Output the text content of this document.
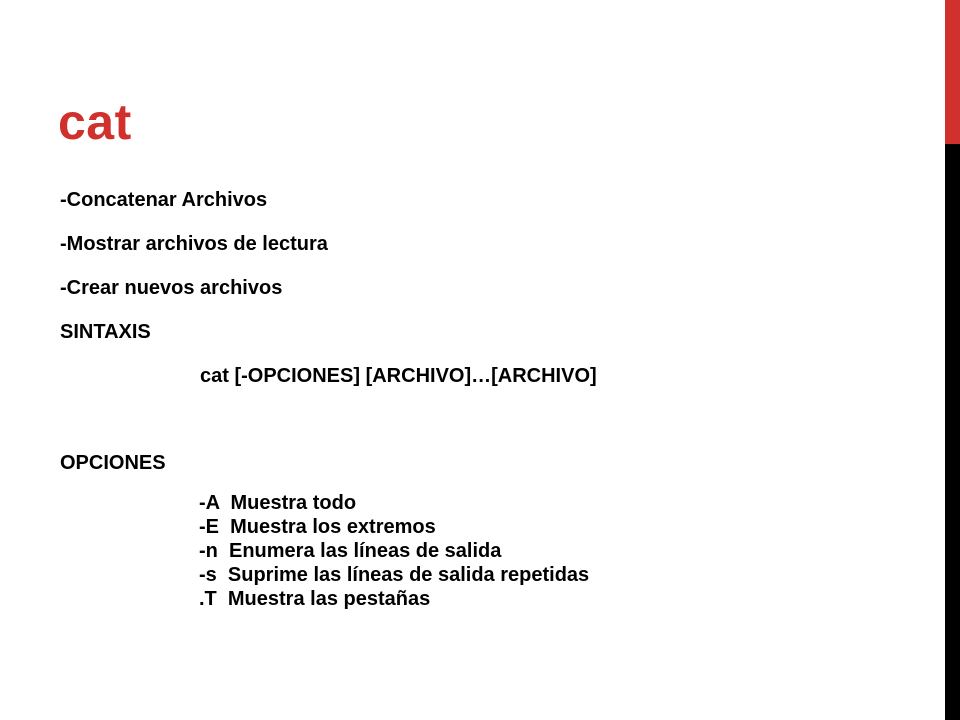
cat
-Concatenar Archivos
-Mostrar archivos de lectura
-Crear nuevos archivos
SINTAXIS
cat [-OPCIONES] [ARCHIVO]…[ARCHIVO]
OPCIONES
-A  Muestra todo
-E  Muestra los extremos
-n  Enumera las líneas de salida
-s  Suprime las líneas de salida repetidas
.T  Muestra las pestañas
